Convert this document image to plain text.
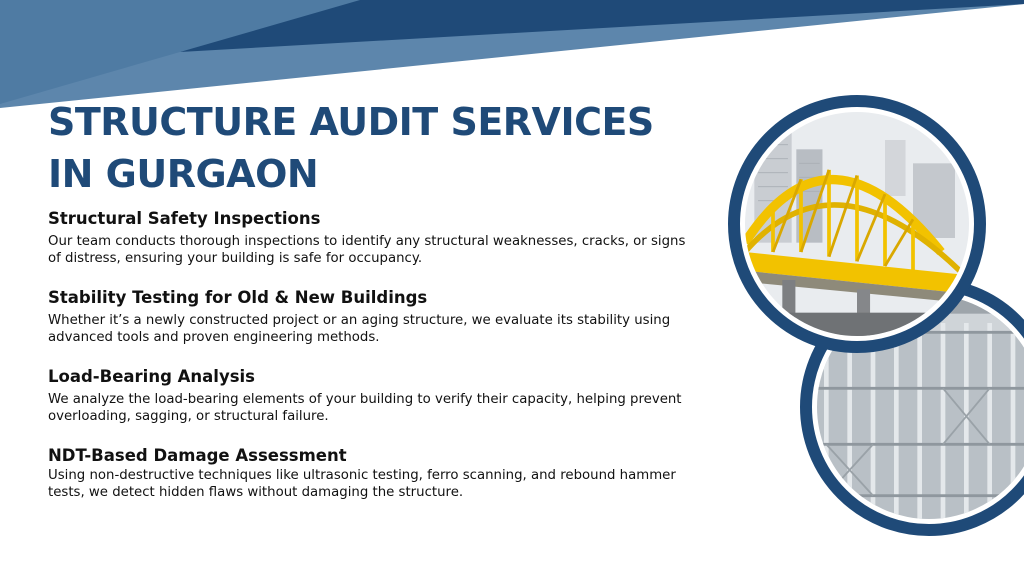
STRUCTURE AUDIT SERVICES
IN GURGAON
Structural Safety Inspections

Our team conducts thorough inspections to identify any structural weaknesses, cracks, or signs of distress, ensuring your building is safe for occupancy.

Stability Testing for Old & New Buildings

Whether it’s a newly constructed project or an aging structure, we evaluate its stability using advanced tools and proven engineering methods.

Load-Bearing Analysis

We analyze the load-bearing elements of your building to verify their capacity, helping prevent overloading, sagging, or structural failure.

NDT-Based Damage Assessment

Using non-destructive techniques like ultrasonic testing, ferro scanning, and rebound hammer tests, we detect hidden flaws without damaging the structure.
